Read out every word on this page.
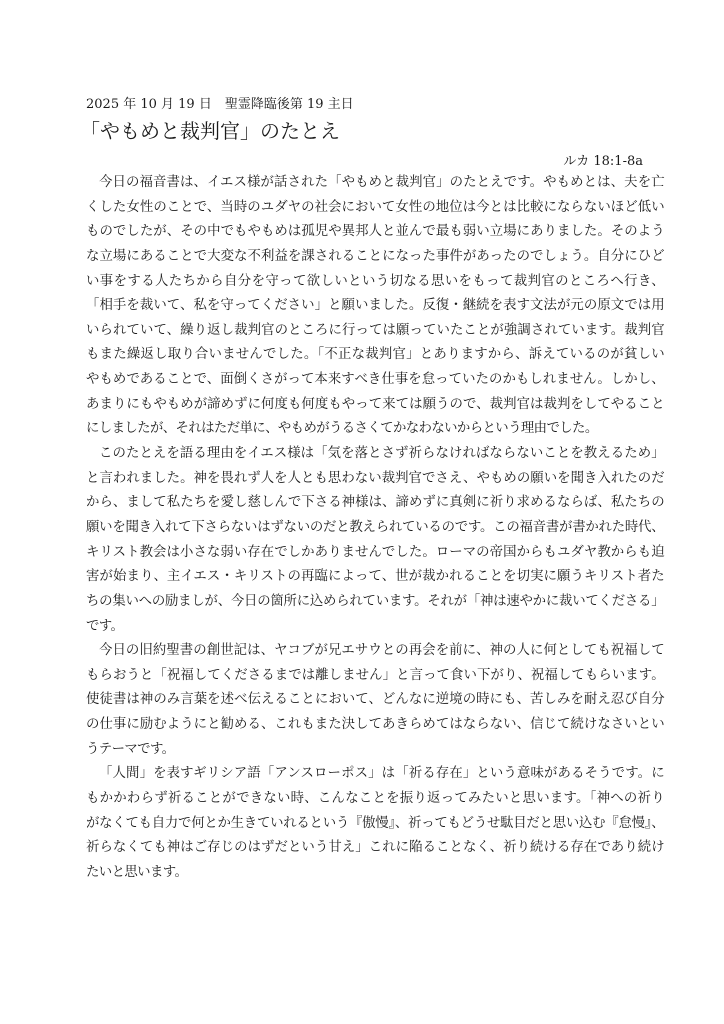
2025 年 10 月 19 日　聖霊降臨後第 19 主日
「やもめと裁判官」のたとえ
ルカ 18:1-8a
今日の福音書は、イエス様が話された「やもめと裁判官」のたとえです。やもめとは、夫を亡
くした女性のことで、当時のユダヤの社会において女性の地位は今とは比較にならないほど低い
ものでしたが、その中でもやもめは孤児や異邦人と並んで最も弱い立場にありました。そのよう
な立場にあることで大変な不利益を課されることになった事件があったのでしょう。自分にひど
い事をする人たちから自分を守って欲しいという切なる思いをもって裁判官のところへ行き、
「相手を裁いて、私を守ってください」と願いました。反復・継続を表す文法が元の原文では用
いられていて、繰り返し裁判官のところに行っては願っていたことが強調されています。裁判官
もまた繰返し取り合いませんでした。「不正な裁判官」とありますから、訴えているのが貧しい
やもめであることで、面倒くさがって本来すべき仕事を怠っていたのかもしれません。しかし、
あまりにもやもめが諦めずに何度も何度もやって来ては願うので、裁判官は裁判をしてやること
にしましたが、それはただ単に、やもめがうるさくてかなわないからという理由でした。
このたとえを語る理由をイエス様は「気を落とさず祈らなければならないことを教えるため」
と言われました。神を畏れず人を人とも思わない裁判官でさえ、やもめの願いを聞き入れたのだ
から、まして私たちを愛し慈しんで下さる神様は、諦めずに真剣に祈り求めるならば、私たちの
願いを聞き入れて下さらないはずないのだと教えられているのです。この福音書が書かれた時代、
キリスト教会は小さな弱い存在でしかありませんでした。ローマの帝国からもユダヤ教からも迫
害が始まり、主イエス・キリストの再臨によって、世が裁かれることを切実に願うキリスト者た
ちの集いへの励ましが、今日の箇所に込められています。それが「神は速やかに裁いてくださる」
です。
今日の旧約聖書の創世記は、ヤコブが兄エサウとの再会を前に、神の人に何としても祝福して
もらおうと「祝福してくださるまでは離しません」と言って食い下がり、祝福してもらいます。
使徒書は神のみ言葉を述べ伝えることにおいて、どんなに逆境の時にも、苦しみを耐え忍び自分
の仕事に励むようにと勧める、これもまた決してあきらめてはならない、信じて続けなさいとい
うテーマです。
「人間」を表すギリシア語「アンスローポス」は「祈る存在」という意味があるそうです。に
もかかわらず祈ることができない時、こんなことを振り返ってみたいと思います。「神への祈り
がなくても自力で何とか生きていれるという『傲慢』、祈ってもどうせ駄目だと思い込む『怠慢』、
祈らなくても神はご存じのはずだという甘え」これに陥ることなく、祈り続ける存在であり続け
たいと思います。
